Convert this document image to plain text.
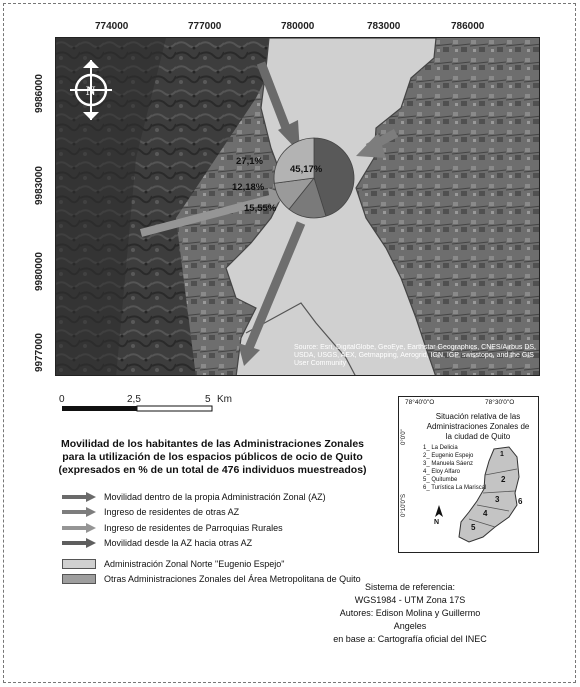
774000	777000	780000	783000	786000
9986000
9983000
9980000
9977000
N
Source: Esri, DigitalGlobe, GeoEye, Earthstar Geographics, CNES/Airbus DS, USDA, USGS, AEX, Getmapping, Aerogrid, IGN, IGP, swisstopo, and the GIS User Community
45,17%
15,55%
12,18%
27,1%
0	2,5	5 Km
Movilidad de los habitantes de las Administraciones Zonales
para la utilización de los espacios públicos de ocio de Quito
(expresados en % de un total de 476 individuos muestreados)
Movilidad dentro de la propia Administración Zonal (AZ)
Ingreso de residentes de otras AZ
Ingreso de residentes de Parroquias Rurales
Movilidad desde la AZ hacia otras AZ
Administración Zonal Norte "Eugenio Espejo"
Otras Administraciones Zonales del Área Metropolitana de Quito
78°40'0"O	78°30'0"O
0°0'0"
0°10'0"S
Situación relativa de las Administraciones Zonales de la ciudad de Quito
1_ La Delicia
2_ Eugenio Espejo
3_ Manuela Sáenz
4_ Eloy Alfaro
5_ Quitumbe
6_ Turística La Mariscal
1
2
3
4
5
6
N
Sistema de referencia:
WGS1984 - UTM Zona 17S
Autores: Edison Molina y Guillermo Angeles
en base a: Cartografía oficial del INEC
